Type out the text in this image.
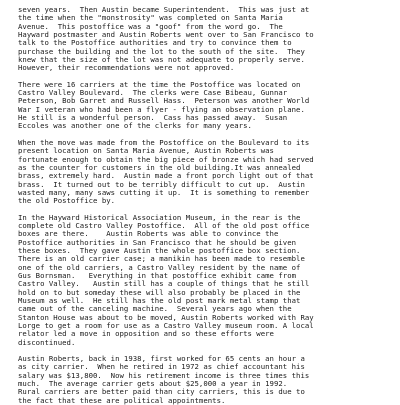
seven years.  Then Austin became Superintendent.  This was just at
the time when the "monstrosity" was completed on Santa Maria
Avenue.  This postoffice was a "goof" from the word go.  The
Hayward postmaster and Austin Roberts went over to San Francisco to
talk to the Postoffice authorities and try to convince them to
purchase the building and the lot to the south of the site.  They
knew that the size of the lot was not adequate to properly serve.
However, their recommendations were not approved.
There were 16 carriers at the time the Postoffice was located on
Castro Valley Boulevard.  The clerks were Case Bibeau, Gunnar
Peterson, Bob Garret and Russell Hass.  Peterson was another World
War I veteran who had been a flyer - flying an observation plane.
He still is a wonderful person.  Cass has passed away.  Susan
Eccoles was another one of the clerks for many years.
When the move was made from the Postoffice on the Boulevard to its
present location on Santa Maria Avenue, Austin Roberts was
fortunate enough to obtain the big piece of bronze which had served
as the counter for customers in the old building.It was annealed
brass, extremely hard.  Austin made a front porch light out of that
brass.  It turned out to be terribly difficult to cut up.  Austin
wasted many, many saws cutting it up.  It is something to remember
the old Postoffice by.
In the Hayward Historical Association Museum, in the rear is the
complete old Castro Valley Postoffice.  All of the old post office
boxes are there.    Austin Roberts was able to convince the
Postoffice authorities in San Francisco that he should be given
these boxes.  They gave Austin the whole postoffice box section.
There is an old carrier case; a manikin has been made to resemble
one of the old carriers, a Castro Valley resident by the name of
Gus Bornsman.   Everything in that postoffice exhibit came from
Castro Valley.   Austin still has a couple of things that he still
hold on to but someday these will also probably be placed in the
Museum as well.  He still has the old post mark metal stamp that
came out of the canceling machine.  Several years ago when the
Stanton House was about to be moved, Austin Roberts worked with Ray
Lorge to get a room for use as a Castro Valley museum room. A local
relator led a move in opposition and so these efforts were
discontinued.
Austin Roberts, back in 1938, first worked for 65 cents an hour a
as city carrier.  When he retired in 1972 as chief accountant his
salary was $13,800.  Now his retirement income is three times this
much.  The average carrier gets about $25,000 a year in 1992.
Rural carriers are better paid than city carriers, this is due to
the fact that these are political appointments.
